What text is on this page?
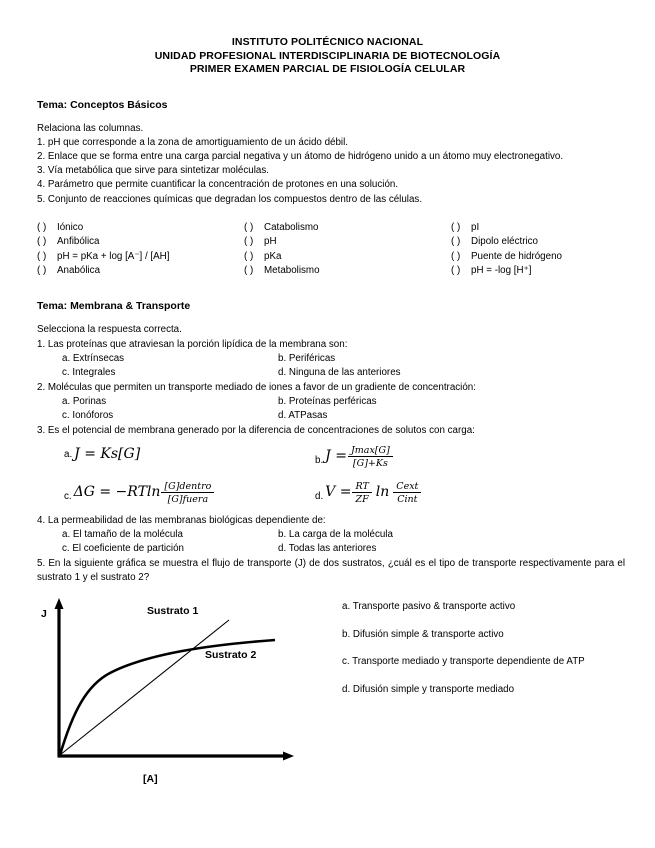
INSTITUTO POLITÉCNICO NACIONAL
UNIDAD PROFESIONAL INTERDISCIPLINARIA DE BIOTECNOLOGÍA
PRIMER EXAMEN PARCIAL DE FISIOLOGÍA CELULAR
Tema: Conceptos Básicos
Relaciona las columnas.
1. pH que corresponde a la zona de amortiguamiento de un ácido débil.
2. Enlace que se forma entre una carga parcial negativa y un átomo de hidrógeno unido a un átomo muy electronegativo.
3. Vía metabólica que sirve para sintetizar moléculas.
4. Parámetro que permite cuantificar la concentración de protones en una solución.
5. Conjunto de reacciones químicas que degradan los compuestos dentro de las células.
( ) Iónico	( ) Catabolismo	( ) pI
( ) Anfibólica	( ) pH	( ) Dipolo eléctrico
( ) pH = pKa + log [A⁻] / [AH]	( ) pKa	( ) Puente de hidrógeno
( ) Anabólica	( ) Metabolismo	( ) pH = -log [H⁺]
Tema: Membrana & Transporte
Selecciona la respuesta correcta.
1. Las proteínas que atraviesan la porción lipídica de la membrana son:
a. Extrínsecas	b. Periféricas
c. Integrales	d. Ninguna de las anteriores
2. Moléculas que permiten un transporte mediado de iones a favor de un gradiente de concentración:
a. Porinas	b. Proteínas perféricas
c. Ionóforos	d. ATPasas
3. Es el potencial de membrana generado por la diferencia de concentraciones de solutos con carga:
a. J = Ks[G]	b. $J = \frac{Jmax[G]}{[G]+Ks}$
c. $\Delta G = -RTln \frac{\text{[G]dentro}}{\text{[G]fuera}}$	d. $V = \frac{RT}{ZF}$ $\ln \frac{\text{Cext}}{\text{Cint}}$
4. La permeabilidad de las membranas biológicas dependiente de:
a. El tamaño de la molécula	b. La carga de la molécula
c. El coeficiente de partición	d. Todas las anteriores
5. En la siguiente gráfica se muestra el flujo de transporte (J) de dos sustratos, ¿cuál es el tipo de transporte respectivamente para el sustrato 1 y el sustrato 2?
J
[A]
Sustrato 1
Sustrato 2
a. Transporte pasivo & transporte activo
b. Difusión simple & transporte activo
c. Transporte mediado y transporte dependiente de ATP
d. Difusión simple y transporte mediado
